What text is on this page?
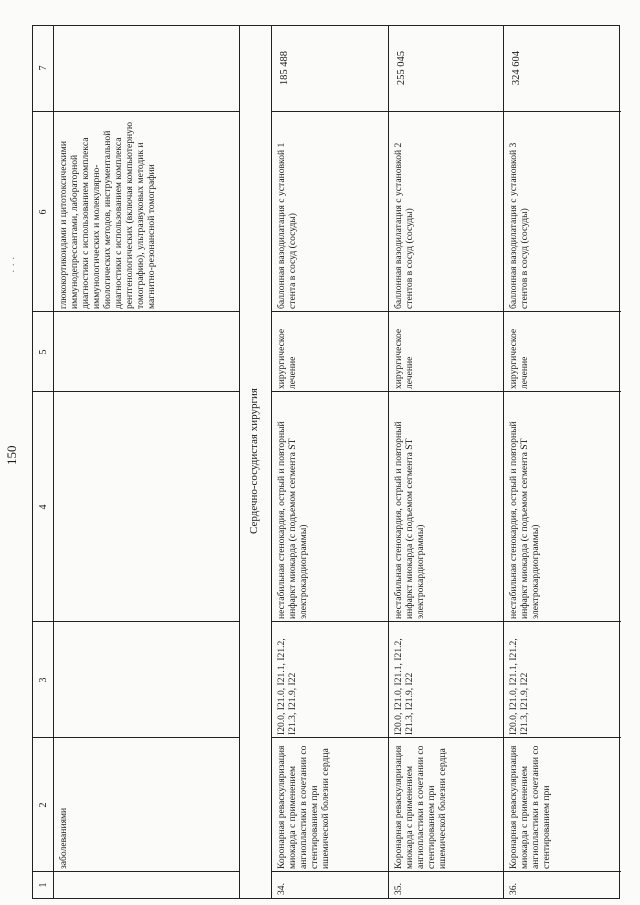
150
· · ·
1
2
3
4
5
6
7
заболеваниями
глюкокортикоидами и цитотоксическими иммунодепрессантами, лабораторной диагностики с использованием комплекса иммунологических и молекулярно-биологических методов, инструментальной диагностики с использованием комплекса рентгенологических (включая компьютерную томографию), ультразвуковых методик и магнитно-резонансной томографии
Сердечно-сосудистая хирургия
34.
Коронарная реваскуляризация миокарда с применением ангиопластики в сочетании со стентированием при ишемической болезни сердца
I20.0, I21.0, I21.1, I21.2, I21.3, I21.9, I22
нестабильная стенокардия, острый и повторный инфаркт миокарда (с подъемом сегмента ST электрокардиограммы)
хирургическое лечение
баллонная вазодилатация с установкой 1 стента в сосуд (сосуды)
185 488
35.
Коронарная реваскуляризация миокарда с применением ангиопластики в сочетании со стентированием при ишемической болезни сердца
I20.0, I21.0, I21.1, I21.2, I21.3, I21.9, I22
нестабильная стенокардия, острый и повторный инфаркт миокарда (с подъемом сегмента ST электрокардиограммы)
хирургическое лечение
баллонная вазодилатация с установкой 2 стентов в сосуд (сосуды)
255 045
36.
Коронарная реваскуляризация миокарда с применением ангиопластики в сочетании со стентированием при
I20.0, I21.0, I21.1, I21.2, I21.3, I21.9, I22
нестабильная стенокардия, острый и повторный инфаркт миокарда (с подъемом сегмента ST электрокардиограммы)
хирургическое лечение
баллонная вазодилатация с установкой 3 стентов в сосуд (сосуды)
324 604
